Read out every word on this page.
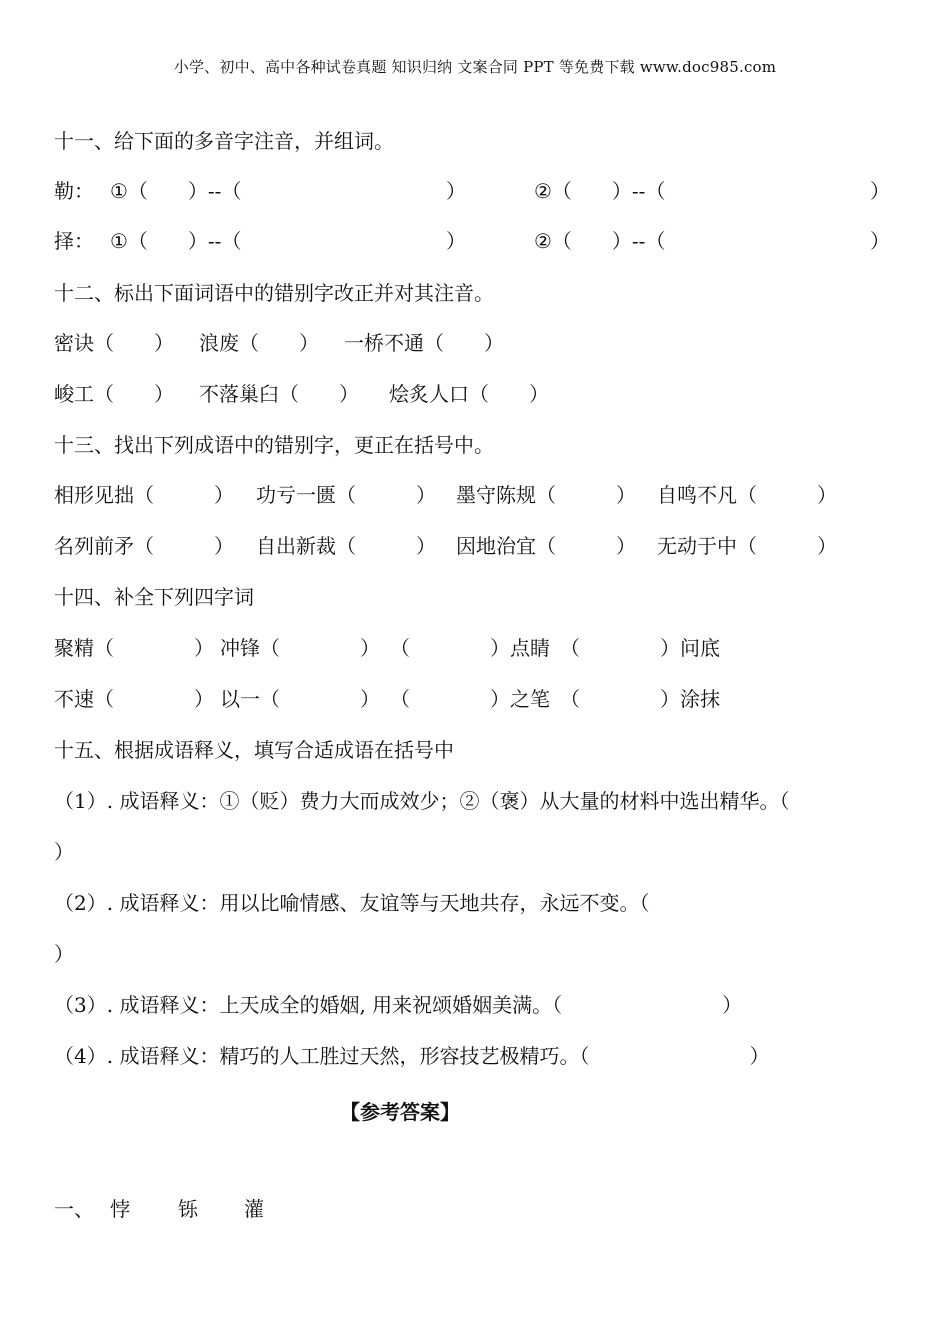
小学、初中、高中各种试卷真题 知识归纳 文案合同 PPT 等免费下载 www.doc985.com
十一、给下面的多音字注音，并组词。
勒： ①（　　）--（	）	②（　　）--（	）
择： ①（　　）--（	）	②（　　）--（	）
十二、标出下面词语中的错别字改正并对其注音。
密诀（　　） 浪废（　　） 一桥不通（　　）
峻工（　　） 不落巢臼（　　） 烩炙人口（　　）
十三、找出下列成语中的错别字，更正在括号中。
相形见拙（　　　） 功亏一匮（　　　） 墨守陈规（　　　） 自鸣不凡（　　　）
名列前矛（　　　） 自出新裁（　　　） 因地治宜（　　　） 无动于中（　　　）
十四、补全下列四字词
聚精（　　　　） 冲锋（　　　　） （　　　　）点睛 （　　　　）问底
不速（　　　　） 以一（　　　　） （　　　　）之笔 （　　　　）涂抹
十五、根据成语释义，填写合适成语在括号中
（1）. 成语释义：①（贬）费力大而成效少；②（褒）从大量的材料中选出精华。（
）
（2）. 成语释义：用以比喻情感、友谊等与天地共存，永远不变。（
）
（3）. 成语释义：上天成全的婚姻, 用来祝颂婚姻美满。（　　　　　　　　）
（4）. 成语释义：精巧的人工胜过天然，形容技艺极精巧。（　　　　　　　　）
【参考答案】
一、 悖 铄 灌
